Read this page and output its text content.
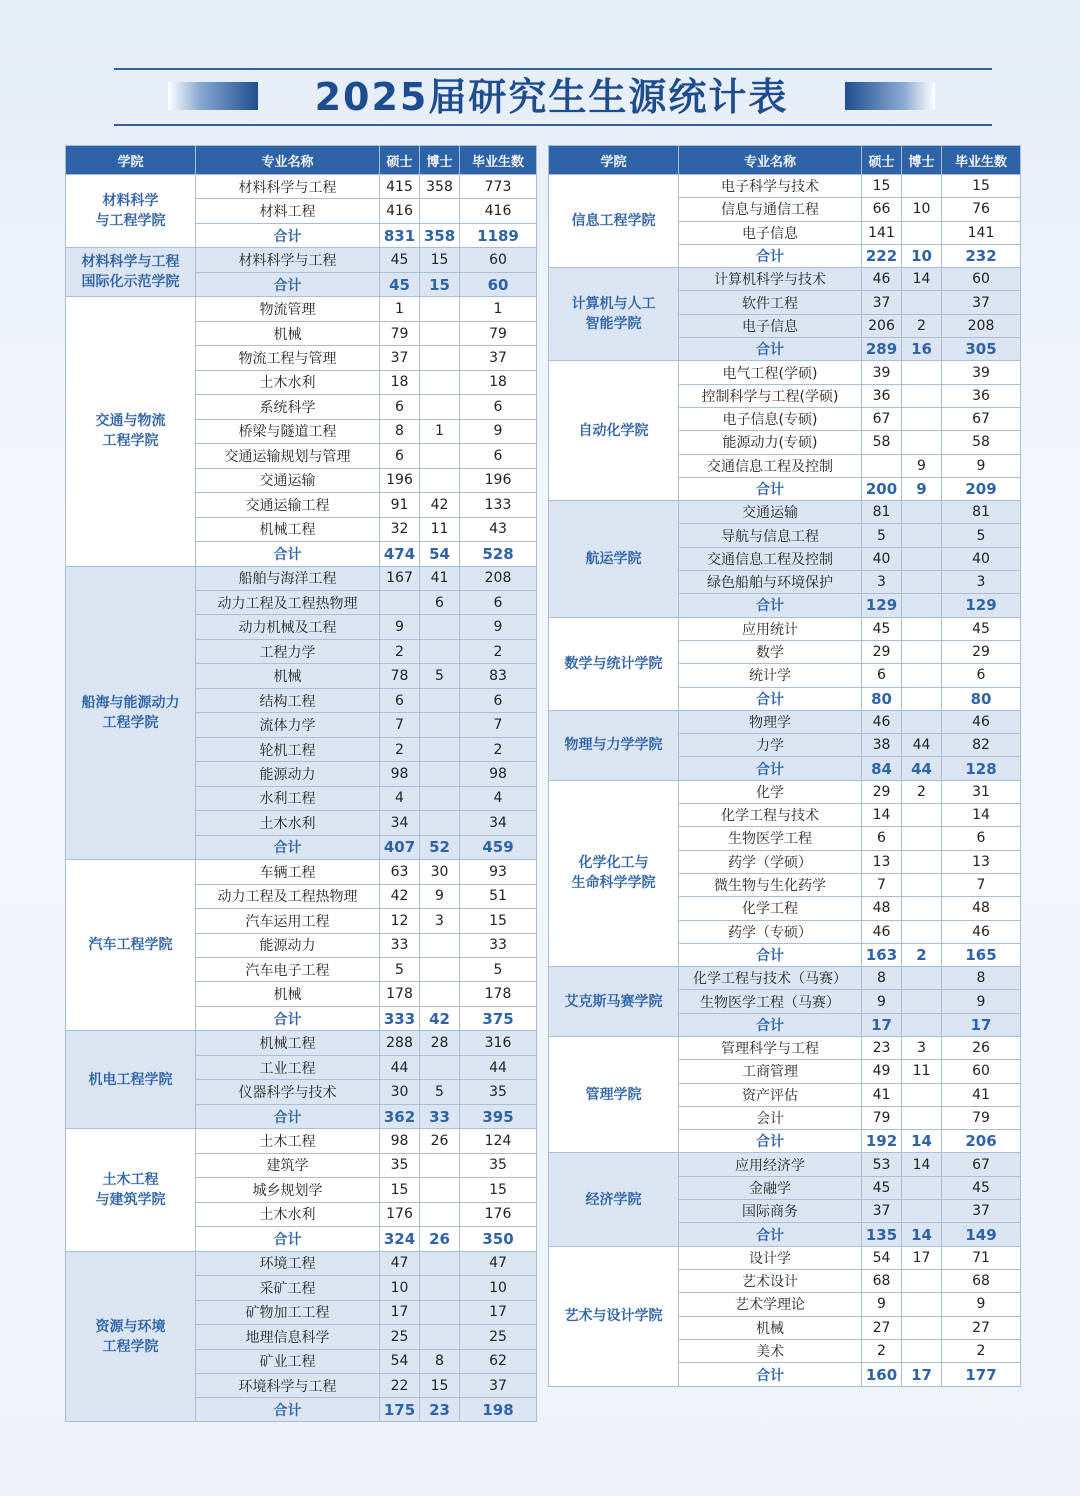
2025届研究生生源统计表
学院	专业名称	硕士	博士	毕业生数

材料科学
与工程学院	材料科学与工程	415	358	773
	材料工程	416		416
	合计	831	358	1189

材料科学与工程
国际化示范学院	材料科学与工程	45	15	60
	合计	45	15	60

交通与物流
工程学院	物流管理	1		1
	机械	79		79
	物流工程与管理	37		37
	土木水利	18		18
	系统科学	6		6
	桥梁与隧道工程	8	1	9
	交通运输规划与管理	6		6
	交通运输	196		196
	交通运输工程	91	42	133
	机械工程	32	11	43
	合计	474	54	528

船海与能源动力
工程学院	船舶与海洋工程	167	41	208
	动力工程及工程热物理		6	6
	动力机械及工程	9		9
	工程力学	2		2
	机械	78	5	83
	结构工程	6		6
	流体力学	7		7
	轮机工程	2		2
	能源动力	98		98
	水利工程	4		4
	土木水利	34		34
	合计	407	52	459

汽车工程学院	车辆工程	63	30	93
	动力工程及工程热物理	42	9	51
	汽车运用工程	12	3	15
	能源动力	33		33
	汽车电子工程	5		5
	机械	178		178
	合计	333	42	375

机电工程学院	机械工程	288	28	316
	工业工程	44		44
	仪器科学与技术	30	5	35
	合计	362	33	395

土木工程
与建筑学院	土木工程	98	26	124
	建筑学	35		35
	城乡规划学	15		15
	土木水利	176		176
	合计	324	26	350

资源与环境
工程学院	环境工程	47		47
	采矿工程	10		10
	矿物加工工程	17		17
	地理信息科学	25		25
	矿业工程	54	8	62
	环境科学与工程	22	15	37
	合计	175	23	198
学院	专业名称	硕士	博士	毕业生数

信息工程学院	电子科学与技术	15		15
	信息与通信工程	66	10	76
	电子信息	141		141
	合计	222	10	232

计算机与人工
智能学院	计算机科学与技术	46	14	60
	软件工程	37		37
	电子信息	206	2	208
	合计	289	16	305

自动化学院	电气工程(学硕)	39		39
	控制科学与工程(学硕)	36		36
	电子信息(专硕)	67		67
	能源动力(专硕)	58		58
	交通信息工程及控制		9	9
	合计	200	9	209

航运学院	交通运输	81		81
	导航与信息工程	5		5
	交通信息工程及控制	40		40
	绿色船舶与环境保护	3		3
	合计	129		129

数学与统计学院	应用统计	45		45
	数学	29		29
	统计学	6		6
	合计	80		80

物理与力学学院	物理学	46		46
	力学	38	44	82
	合计	84	44	128

化学化工与
生命科学学院	化学	29	2	31
	化学工程与技术	14		14
	生物医学工程	6		6
	药学（学硕）	13		13
	微生物与生化药学	7		7
	化学工程	48		48
	药学（专硕）	46		46
	合计	163	2	165

艾克斯马赛学院	化学工程与技术（马赛）	8		8
	生物医学工程（马赛）	9		9
	合计	17		17

管理学院	管理科学与工程	23	3	26
	工商管理	49	11	60
	资产评估	41		41
	会计	79		79
	合计	192	14	206

经济学院	应用经济学	53	14	67
	金融学	45		45
	国际商务	37		37
	合计	135	14	149

艺术与设计学院	设计学	54	17	71
	艺术设计	68		68
	艺术学理论	9		9
	机械	27		27
	美术	2		2
	合计	160	17	177
